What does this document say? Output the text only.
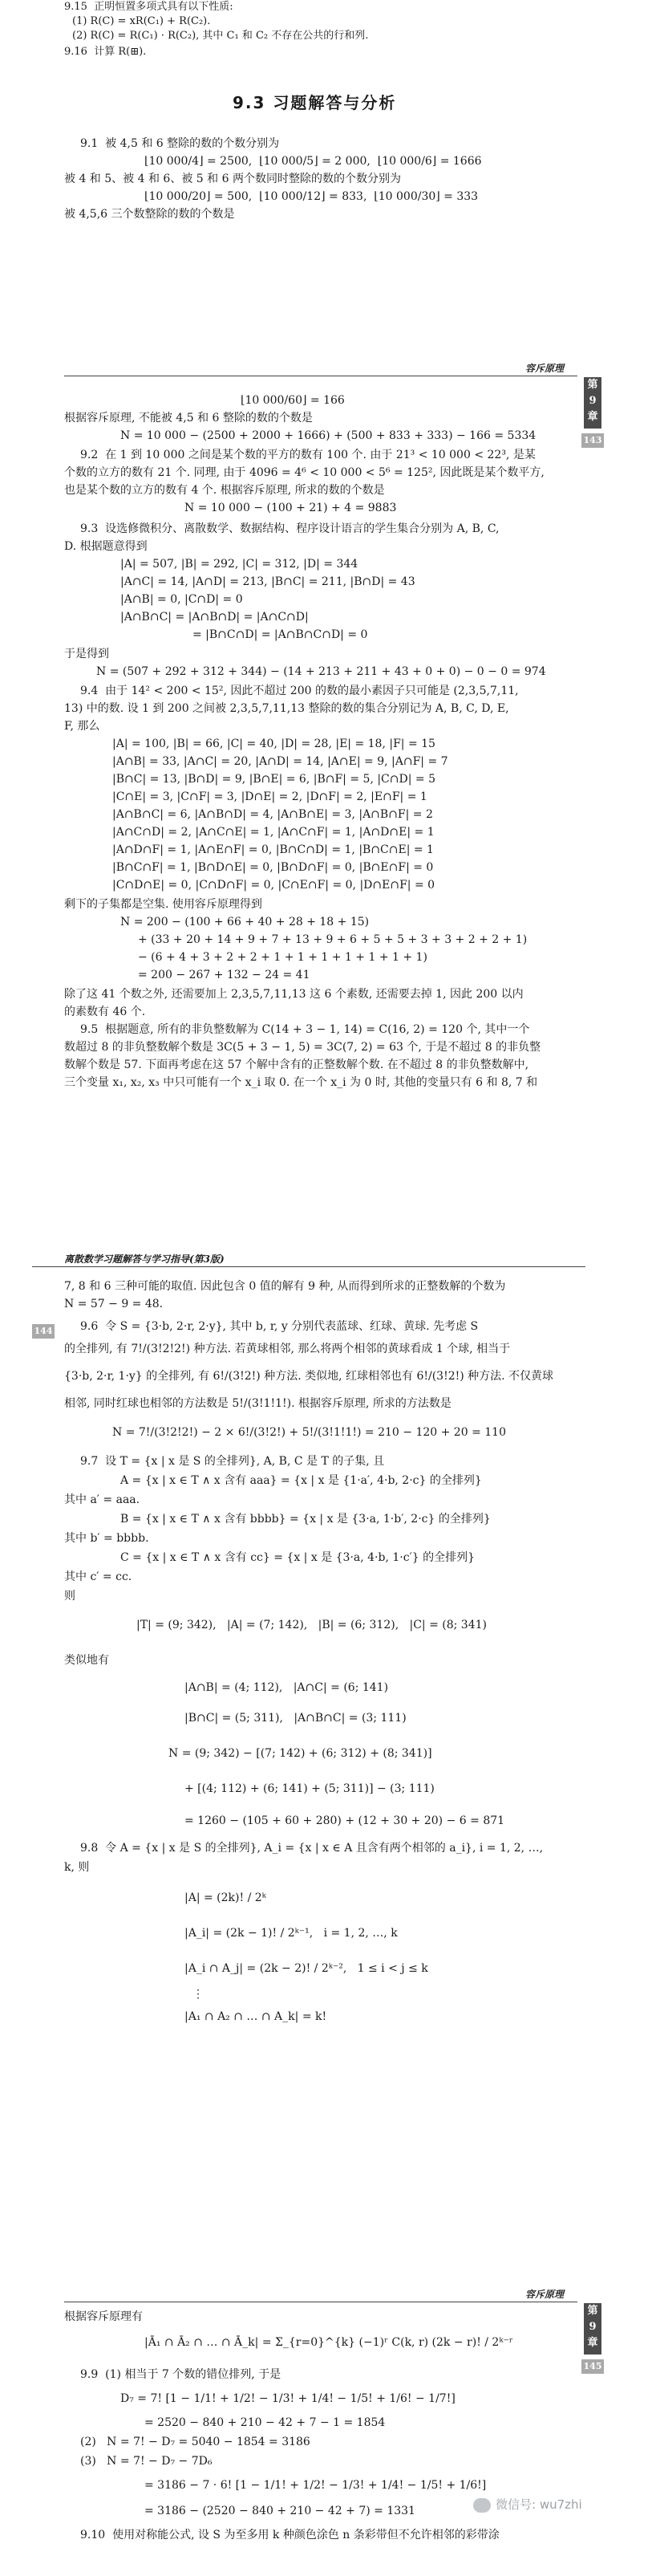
9.15  正明恒置多项式具有以下性质:
(1) R(C) = xR(C₁) + R(C₂).
(2) R(C) = R(C₁) · R(C₂), 其中 C₁ 和 C₂ 不存在公共的行和列.
9.16  计算 R(⊞).
9.3 习题解答与分析
9.1  被 4,5 和 6 整除的数的个数分别为
⌊10 000/4⌋ = 2500,  ⌊10 000/5⌋ = 2 000,  ⌊10 000/6⌋ = 1666
被 4 和 5、被 4 和 6、被 5 和 6 两个数同时整除的数的个数分别为
⌊10 000/20⌋ = 500,  ⌊10 000/12⌋ = 833,  ⌊10 000/30⌋ = 333
被 4,5,6 三个数整除的数的个数是
容斥原理
第
9
章
143
⌊10 000/60⌋ = 166
根据容斥原理, 不能被 4,5 和 6 整除的数的个数是
N = 10 000 − (2500 + 2000 + 1666) + (500 + 833 + 333) − 166 = 5334
9.2  在 1 到 10 000 之间是某个数的平方的数有 100 个. 由于 21³ < 10 000 < 22³, 是某
个数的立方的数有 21 个. 同理, 由于 4096 = 4⁶ < 10 000 < 5⁶ = 125², 因此既是某个数平方,
也是某个数的立方的数有 4 个. 根据容斥原理, 所求的数的个数是
N = 10 000 − (100 + 21) + 4 = 9883
9.3  设选修微积分、离散数学、数据结构、程序设计语言的学生集合分别为 A, B, C,
D. 根据题意得到
|A| = 507, |B| = 292, |C| = 312, |D| = 344
|A∩C| = 14, |A∩D| = 213, |B∩C| = 211, |B∩D| = 43
|A∩B| = 0, |C∩D| = 0
|A∩B∩C| = |A∩B∩D| = |A∩C∩D|
= |B∩C∩D| = |A∩B∩C∩D| = 0
于是得到
N = (507 + 292 + 312 + 344) − (14 + 213 + 211 + 43 + 0 + 0) − 0 − 0 = 974
9.4  由于 14² < 200 < 15², 因此不超过 200 的数的最小素因子只可能是 (2,3,5,7,11,
13) 中的数. 设 1 到 200 之间被 2,3,5,7,11,13 整除的数的集合分别记为 A, B, C, D, E,
F, 那么
|A| = 100, |B| = 66, |C| = 40, |D| = 28, |E| = 18, |F| = 15
|A∩B| = 33, |A∩C| = 20, |A∩D| = 14, |A∩E| = 9, |A∩F| = 7
|B∩C| = 13, |B∩D| = 9, |B∩E| = 6, |B∩F| = 5, |C∩D| = 5
|C∩E| = 3, |C∩F| = 3, |D∩E| = 2, |D∩F| = 2, |E∩F| = 1
|A∩B∩C| = 6, |A∩B∩D| = 4, |A∩B∩E| = 3, |A∩B∩F| = 2
|A∩C∩D| = 2, |A∩C∩E| = 1, |A∩C∩F| = 1, |A∩D∩E| = 1
|A∩D∩F| = 1, |A∩E∩F| = 0, |B∩C∩D| = 1, |B∩C∩E| = 1
|B∩C∩F| = 1, |B∩D∩E| = 0, |B∩D∩F| = 0, |B∩E∩F| = 0
|C∩D∩E| = 0, |C∩D∩F| = 0, |C∩E∩F| = 0, |D∩E∩F| = 0
剩下的子集都是空集. 使用容斥原理得到
N = 200 − (100 + 66 + 40 + 28 + 18 + 15)
+ (33 + 20 + 14 + 9 + 7 + 13 + 9 + 6 + 5 + 5 + 3 + 3 + 2 + 2 + 1)
− (6 + 4 + 3 + 2 + 2 + 1 + 1 + 1 + 1 + 1 + 1 + 1)
= 200 − 267 + 132 − 24 = 41
除了这 41 个数之外, 还需要加上 2,3,5,7,11,13 这 6 个素数, 还需要去掉 1, 因此 200 以内
的素数有 46 个.
9.5  根据题意, 所有的非负整数解为 C(14 + 3 − 1, 14) = C(16, 2) = 120 个, 其中一个
数超过 8 的非负整数解个数是 3C(5 + 3 − 1, 5) = 3C(7, 2) = 63 个, 于是不超过 8 的非负整
数解个数是 57. 下面再考虑在这 57 个解中含有的正整数解个数. 在不超过 8 的非负整数解中,
三个变量 x₁, x₂, x₃ 中只可能有一个 x_i 取 0. 在一个 x_i 为 0 时, 其他的变量只有 6 和 8, 7 和
离散数学习题解答与学习指导(第3版)
144
7, 8 和 6 三种可能的取值. 因此包含 0 值的解有 9 种, 从而得到所求的正整数解的个数为
N = 57 − 9 = 48.
9.6  令 S = {3·b, 2·r, 2·y}, 其中 b, r, y 分别代表蓝球、红球、黄球. 先考虑 S
的全排列, 有 7!/(3!2!2!) 种方法. 若黄球相邻, 那么将两个相邻的黄球看成 1 个球, 相当于
{3·b, 2·r, 1·y} 的全排列, 有 6!/(3!2!) 种方法. 类似地, 红球相邻也有 6!/(3!2!) 种方法. 不仅黄球
相邻, 同时红球也相邻的方法数是 5!/(3!1!1!). 根据容斥原理, 所求的方法数是
N = 7!/(3!2!2!) − 2 × 6!/(3!2!) + 5!/(3!1!1!) = 210 − 120 + 20 = 110
9.7  设 T = {x | x 是 S 的全排列}, A, B, C 是 T 的子集, 且
A = {x | x ∈ T ∧ x 含有 aaa} = {x | x 是 {1·a′, 4·b, 2·c} 的全排列}
其中 a′ = aaa.
B = {x | x ∈ T ∧ x 含有 bbbb} = {x | x 是 {3·a, 1·b′, 2·c} 的全排列}
其中 b′ = bbbb.
C = {x | x ∈ T ∧ x 含有 cc} = {x | x 是 {3·a, 4·b, 1·c′} 的全排列}
其中 c′ = cc.
则
|T| = (9; 342),   |A| = (7; 142),   |B| = (6; 312),   |C| = (8; 341)
类似地有
|A∩B| = (4; 112),   |A∩C| = (6; 141)
|B∩C| = (5; 311),   |A∩B∩C| = (3; 111)
N = (9; 342) − [(7; 142) + (6; 312) + (8; 341)]
+ [(4; 112) + (6; 141) + (5; 311)] − (3; 111)
= 1260 − (105 + 60 + 280) + (12 + 30 + 20) − 6 = 871
9.8  令 A = {x | x 是 S 的全排列}, A_i = {x | x ∈ A 且含有两个相邻的 a_i}, i = 1, 2, …,
k, 则
|A| = (2k)! / 2ᵏ
|A_i| = (2k − 1)! / 2ᵏ⁻¹,   i = 1, 2, …, k
|A_i ∩ A_j| = (2k − 2)! / 2ᵏ⁻²,   1 ≤ i < j ≤ k
⋮
|A₁ ∩ A₂ ∩ … ∩ A_k| = k!
容斥原理
第
9
章
145
根据容斥原理有
|Ā₁ ∩ Ā₂ ∩ … ∩ Ā_k| = Σ_{r=0}^{k} (−1)ʳ C(k, r) (2k − r)! / 2ᵏ⁻ʳ
9.9  (1) 相当于 7 个数的错位排列, 于是
D₇ = 7! [1 − 1/1! + 1/2! − 1/3! + 1/4! − 1/5! + 1/6! − 1/7!]
= 2520 − 840 + 210 − 42 + 7 − 1 = 1854
(2)   N = 7! − D₇ = 5040 − 1854 = 3186
(3)   N = 7! − D₇ − 7D₆
= 3186 − 7 · 6! [1 − 1/1! + 1/2! − 1/3! + 1/4! − 1/5! + 1/6!]
= 3186 − (2520 − 840 + 210 − 42 + 7) = 1331
9.10  使用对称能公式, 设 S 为至多用 k 种颜色涂色 n 条彩带但不允许相邻的彩带涂
微信号: wu7zhi
